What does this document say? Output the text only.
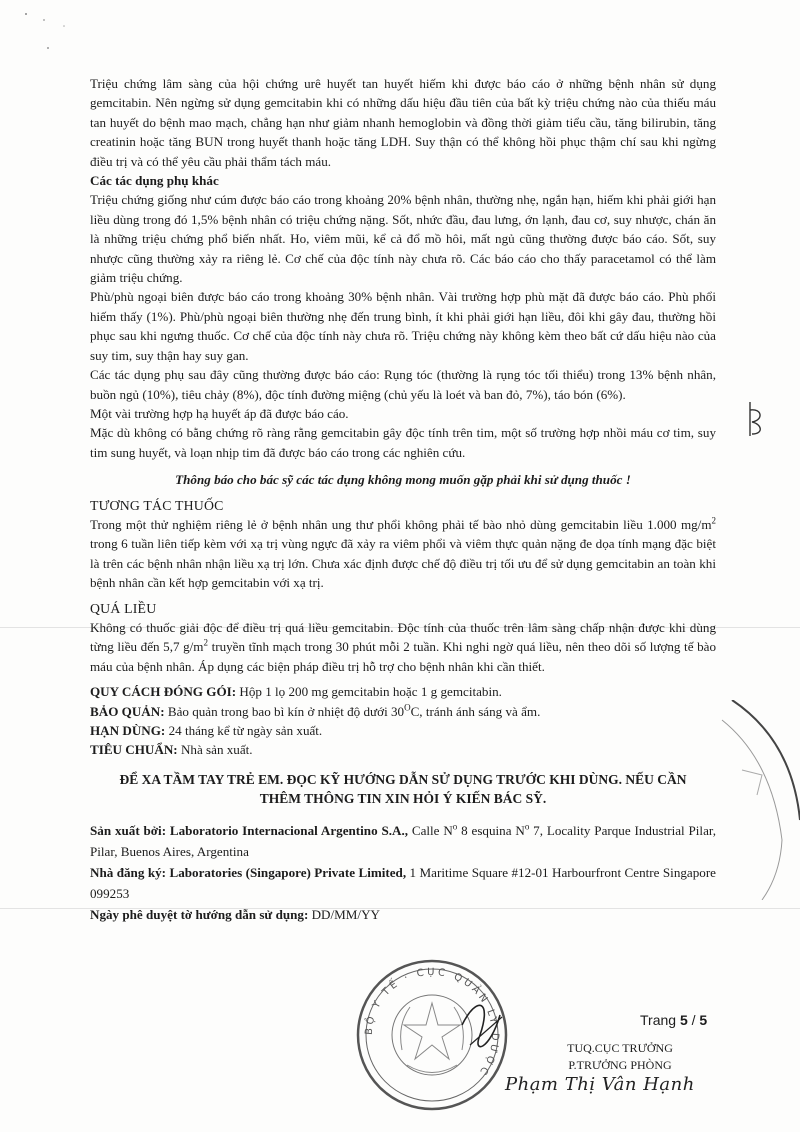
Triệu chứng lâm sàng của hội chứng urê huyết tan huyết hiếm khi được báo cáo ở những bệnh nhân sử dụng gemcitabin. Nên ngừng sử dụng gemcitabin khi có những dấu hiệu đầu tiên của bất kỳ triệu chứng nào của thiếu máu tan huyết do bệnh mao mạch, chẳng hạn như giảm nhanh hemoglobin và đồng thời giảm tiểu cầu, tăng bilirubin, tăng creatinin hoặc tăng BUN trong huyết thanh hoặc tăng LDH. Suy thận có thể không hồi phục thậm chí sau khi ngừng điều trị và có thể yêu cầu phải thẩm tách máu.

Các tác dụng phụ khác

Triệu chứng giống như cúm được báo cáo trong khoảng 20% bệnh nhân, thường nhẹ, ngắn hạn, hiếm khi phải giới hạn liều dùng trong đó 1,5% bệnh nhân có triệu chứng nặng. Sốt, nhức đầu, đau lưng, ớn lạnh, đau cơ, suy nhược, chán ăn là những triệu chứng phổ biến nhất. Ho, viêm mũi, kể cả đổ mồ hôi, mất ngủ cũng thường được báo cáo. Sốt, suy nhược cũng thường xảy ra riêng lẻ. Cơ chế của độc tính này chưa rõ. Các báo cáo cho thấy paracetamol có thể làm giảm triệu chứng.

Phù/phù ngoại biên được báo cáo trong khoảng 30% bệnh nhân. Vài trường hợp phù mặt đã được báo cáo. Phù phổi hiếm thấy (1%). Phù/phù ngoại biên thường nhẹ đến trung bình, ít khi phải giới hạn liều, đôi khi gây đau, thường hồi phục sau khi ngưng thuốc. Cơ chế của độc tính này chưa rõ. Triệu chứng này không kèm theo bất cứ dấu hiệu nào của suy tim, suy thận hay suy gan.

Các tác dụng phụ sau đây cũng thường được báo cáo: Rụng tóc (thường là rụng tóc tối thiểu) trong 13% bệnh nhân, buồn ngủ (10%), tiêu chảy (8%), độc tính đường miệng (chủ yếu là loét và ban đỏ, 7%), táo bón (6%).

Một vài trường hợp hạ huyết áp đã được báo cáo.

Mặc dù không có bằng chứng rõ ràng rằng gemcitabin gây độc tính trên tim, một số trường hợp nhồi máu cơ tim, suy tim sung huyết, và loạn nhịp tim đã được báo cáo trong các nghiên cứu.

Thông báo cho bác sỹ các tác dụng không mong muốn gặp phải khi sử dụng thuốc !

TƯƠNG TÁC THUỐC

Trong một thử nghiệm riêng lẻ ở bệnh nhân ung thư phổi không phải tế bào nhỏ dùng gemcitabin liều 1.000 $mg/m^2$ trong 6 tuần liên tiếp kèm với xạ trị vùng ngực đã xảy ra viêm phổi và viêm thực quản nặng đe dọa tính mạng đặc biệt là trên các bệnh nhân nhận liều xạ trị lớn. Chưa xác định được chế độ điều trị tối ưu để sử dụng gemcitabin an toàn khi bệnh nhân cần kết hợp gemcitabin với xạ trị.

QUÁ LIỀU

Không có thuốc giải độc để điều trị quá liều gemcitabin. Độc tính của thuốc trên lâm sàng chấp nhận được khi dùng từng liều đến 5,7 $g/m^2$ truyền tĩnh mạch trong 30 phút mỗi 2 tuần. Khi nghi ngờ quá liều, nên theo dõi số lượng tế bào máu của bệnh nhân. Áp dụng các biện pháp điều trị hỗ trợ cho bệnh nhân khi cần thiết.

QUY CÁCH ĐÓNG GÓI: Hộp 1 lọ 200 mg gemcitabin hoặc 1 g gemcitabin.

BẢO QUẢN: Bảo quản trong bao bì kín ở nhiệt độ dưới $30^OC$, tránh ánh sáng và ẩm.

HẠN DÙNG: 24 tháng kể từ ngày sản xuất.

TIÊU CHUẨN: Nhà sản xuất.

ĐỂ XA TẦM TAY TRẺ EM. ĐỌC KỸ HƯỚNG DẪN SỬ DỤNG TRƯỚC KHI DÙNG. NẾU CẦN
THÊM THÔNG TIN XIN HỎI Ý KIẾN BÁC SỸ.

Sản xuất bởi: Laboratorio Internacional Argentino S.A., Calle $N^o$ 8 esquina $N^o$ 7, Locality Parque Industrial Pilar, Pilar, Buenos Aires, Argentina

Nhà đăng ký: Laboratories (Singapore) Private Limited, 1 Maritime Square #12-01 Harbourfront Centre Singapore 099253

Ngày phê duyệt tờ hướng dẫn sử dụng: DD/MM/YY

Trang 5 / 5
BỘ Y TẾ · CỤC QUẢN LÝ DƯỢC
TUQ.CỤC TRƯỞNG
P.TRƯỞNG PHÒNG
Phạm Thị Vân Hạnh
